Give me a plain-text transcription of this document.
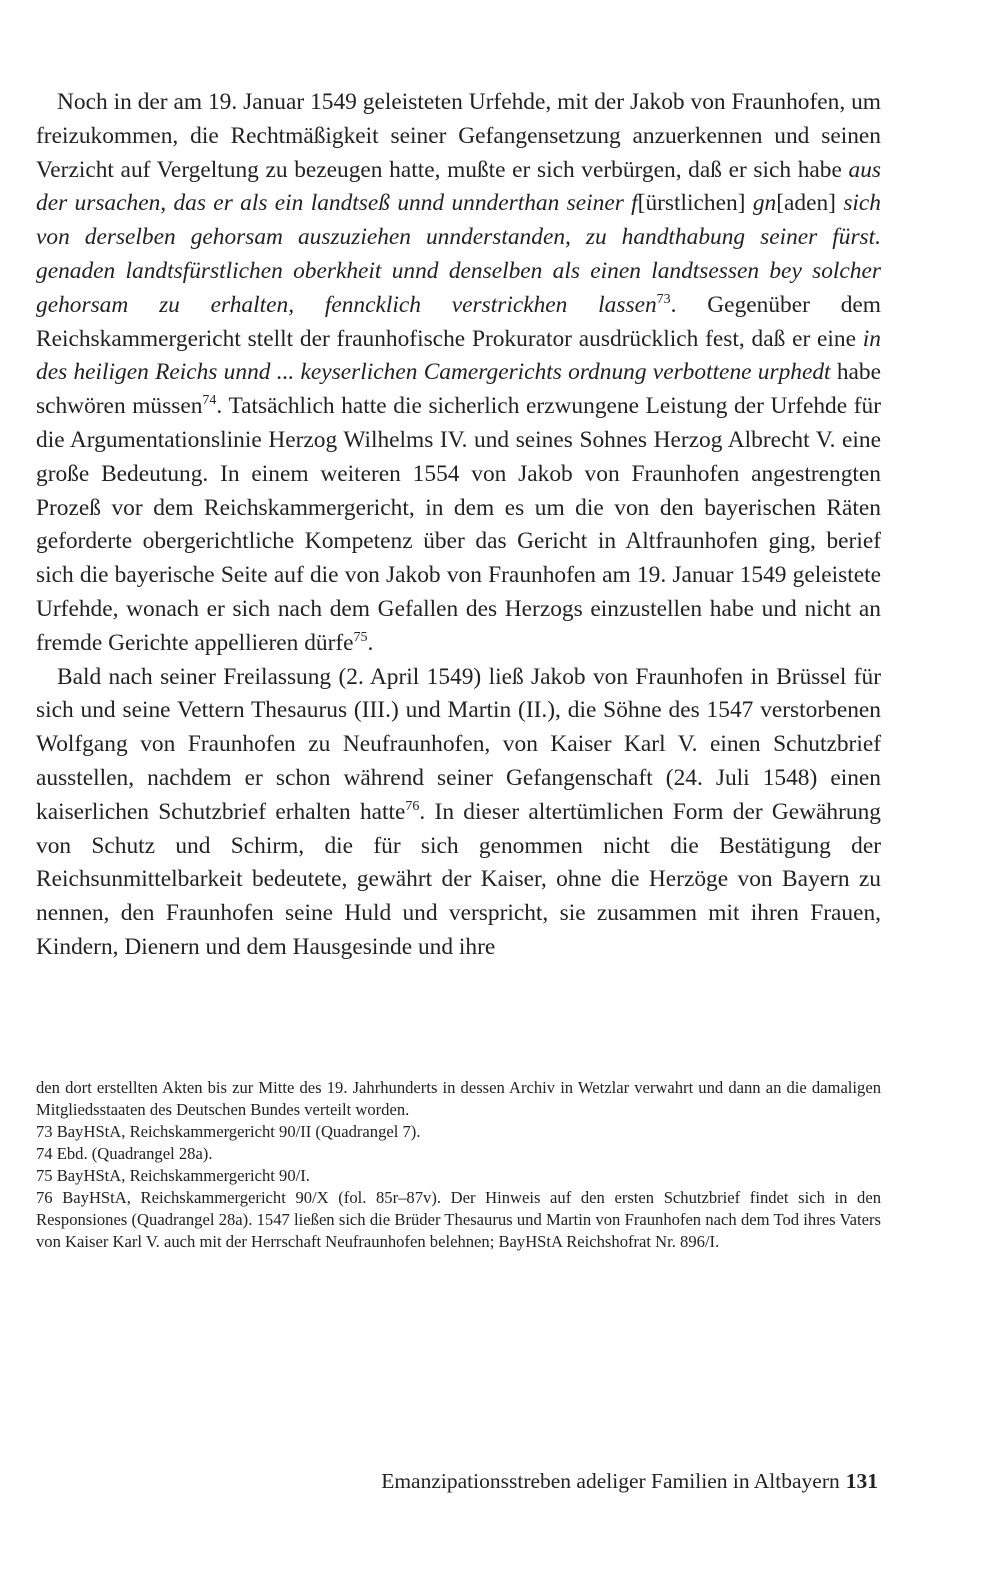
Noch in der am 19. Januar 1549 geleisteten Urfehde, mit der Jakob von Fraunhofen, um freizukommen, die Rechtmäßigkeit seiner Gefangensetzung anzuerkennen und seinen Verzicht auf Vergeltung zu bezeugen hatte, mußte er sich verbürgen, daß er sich habe aus der ursachen, das er als ein landtseß unnd unnderthan seiner f[ürstlichen] gn[aden] sich von derselben gehorsam auszuziehen unnderstanden, zu handthabung seiner fürst. genaden landtsfürstlichen oberkheit unnd denselben als einen landtsessen bey solcher gehorsam zu erhalten, fenncklich verstrickhen lassen$^{73}$. Gegenüber dem Reichskammergericht stellt der fraunhofische Prokurator ausdrücklich fest, daß er eine in des heiligen Reichs unnd ... keyserlichen Camergerichts ordnung verbottene urphedt habe schwören müssen$^{74}$. Tatsächlich hatte die sicherlich erzwungene Leistung der Urfehde für die Argumentationslinie Herzog Wilhelms IV. und seines Sohnes Herzog Albrecht V. eine große Bedeutung. In einem weiteren 1554 von Jakob von Fraunhofen angestrengten Prozeß vor dem Reichskammergericht, in dem es um die von den bayerischen Räten geforderte obergerichtliche Kompetenz über das Gericht in Altfraunhofen ging, berief sich die bayerische Seite auf die von Jakob von Fraunhofen am 19. Januar 1549 geleistete Urfehde, wonach er sich nach dem Gefallen des Herzogs einzustellen habe und nicht an fremde Gerichte appellieren dürfe$^{75}$.

Bald nach seiner Freilassung (2. April 1549) ließ Jakob von Fraunhofen in Brüssel für sich und seine Vettern Thesaurus (III.) und Martin (II.), die Söhne des 1547 verstorbenen Wolfgang von Fraunhofen zu Neufraunhofen, von Kaiser Karl V. einen Schutzbrief ausstellen, nachdem er schon während seiner Gefangenschaft (24. Juli 1548) einen kaiserlichen Schutzbrief erhalten hatte$^{76}$. In dieser altertümlichen Form der Gewährung von Schutz und Schirm, die für sich genommen nicht die Bestätigung der Reichsunmittelbarkeit bedeutete, gewährt der Kaiser, ohne die Herzöge von Bayern zu nennen, den Fraunhofen seine Huld und verspricht, sie zusammen mit ihren Frauen, Kindern, Dienern und dem Hausgesinde und ihre

den dort erstellten Akten bis zur Mitte des 19. Jahrhunderts in dessen Archiv in Wetzlar verwahrt und dann an die damaligen Mitgliedsstaaten des Deutschen Bundes verteilt worden.

73 BayHStA, Reichskammergericht 90/II (Quadrangel 7).

74 Ebd. (Quadrangel 28a).

75 BayHStA, Reichskammergericht 90/I.

76 BayHStA, Reichskammergericht 90/X (fol. 85r–87v). Der Hinweis auf den ersten Schutzbrief findet sich in den Responsiones (Quadrangel 28a). 1547 ließen sich die Brüder Thesaurus und Martin von Fraunhofen nach dem Tod ihres Vaters von Kaiser Karl V. auch mit der Herrschaft Neufraunhofen belehnen; BayHStA Reichshofrat Nr. 896/I.

Emanzipationsstreben adeliger Familien in Altbayern 131
